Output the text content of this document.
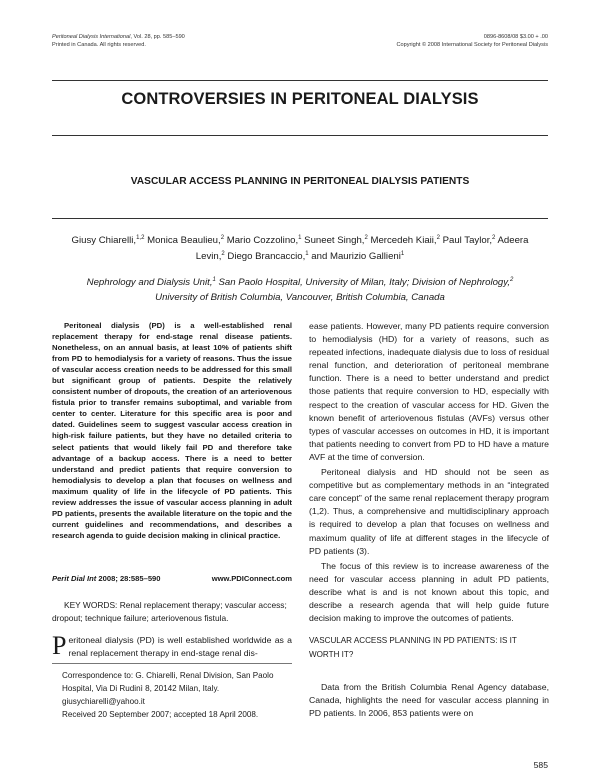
Peritoneal Dialysis International, Vol. 28, pp. 585–590
Printed in Canada. All rights reserved.
0896-8608/08 $3.00 + .00
Copyright © 2008 International Society for Peritoneal Dialysis
CONTROVERSIES IN PERITONEAL DIALYSIS
VASCULAR ACCESS PLANNING IN PERITONEAL DIALYSIS PATIENTS
Giusy Chiarelli,$^{1,2}$ Monica Beaulieu,$^2$ Mario Cozzolino,$^1$ Suneet Singh,$^2$ Mercedeh Kiaii,$^2$ Paul Taylor,$^2$ Adeera Levin,$^2$ Diego Brancaccio,$^1$ and Maurizio Gallieni$^1$
Nephrology and Dialysis Unit,$^1$ San Paolo Hospital, University of Milan, Italy; Division of Nephrology,$^2$ University of British Columbia, Vancouver, British Columbia, Canada
Peritoneal dialysis (PD) is a well-established renal replacement therapy for end-stage renal disease patients. Nonetheless, on an annual basis, at least 10% of patients shift from PD to hemodialysis for a variety of reasons. Thus the issue of vascular access creation needs to be addressed for this small but significant group of patients. Despite the relatively consistent number of dropouts, the creation of an arteriovenous fistula prior to transfer remains suboptimal, and variable from center to center. Literature for this specific area is poor and dated. Guidelines seem to suggest vascular access creation in high-risk failure patients, but they have no detailed criteria to select patients that would likely fail PD and therefore take advantage of a backup access. There is a need to better understand and predict patients that require conversion to hemodialysis to develop a plan that focuses on wellness and maximum quality of life in the lifecycle of PD patients. This review addresses the issue of vascular access planning in adult PD patients, presents the available literature on the topic and the current guidelines and recommendations, and describes a research agenda to guide decision making in clinical practice.
Perit Dial Int 2008; 28:585–590	www.PDIConnect.com
KEY WORDS: Renal replacement therapy; vascular access; dropout; technique failure; arteriovenous fistula.
Peritoneal dialysis (PD) is well established worldwide as a renal replacement therapy in end-stage renal dis-
Correspondence to: G. Chiarelli, Renal Division, San Paolo Hospital, Via Di Rudinì 8, 20142 Milan, Italy.
giusychiarelli@yahoo.it
Received 20 September 2007; accepted 18 April 2008.

ease patients. However, many PD patients require conversion to hemodialysis (HD) for a variety of reasons, such as repeated infections, inadequate dialysis due to loss of residual renal function, and deterioration of peritoneal membrane function. There is a need to better understand and predict those patients that require conversion to HD, especially with respect to the creation of vascular access for HD. Given the known benefit of arteriovenous fistulas (AVFs) versus other types of vascular accesses on outcomes in HD, it is important that patients needing to convert from PD to HD have a mature AVF at the time of conversion.

Peritoneal dialysis and HD should not be seen as competitive but as complementary methods in an “integrated care concept” of the same renal replacement therapy program (1,2). Thus, a comprehensive and multidisciplinary approach is required to develop a plan that focuses on wellness and maximum quality of life at different stages in the lifecycle of PD patients (3).

The focus of this review is to increase awareness of the need for vascular access planning in adult PD patients, describe what is and is not known about this topic, and describe a research agenda that will help guide future decision making to improve the outcomes of patients.

VASCULAR ACCESS PLANNING IN PD PATIENTS: IS IT WORTH IT?

Data from the British Columbia Renal Agency database, Canada, highlights the need for vascular access planning in PD patients. In 2006, 853 patients were on

585
